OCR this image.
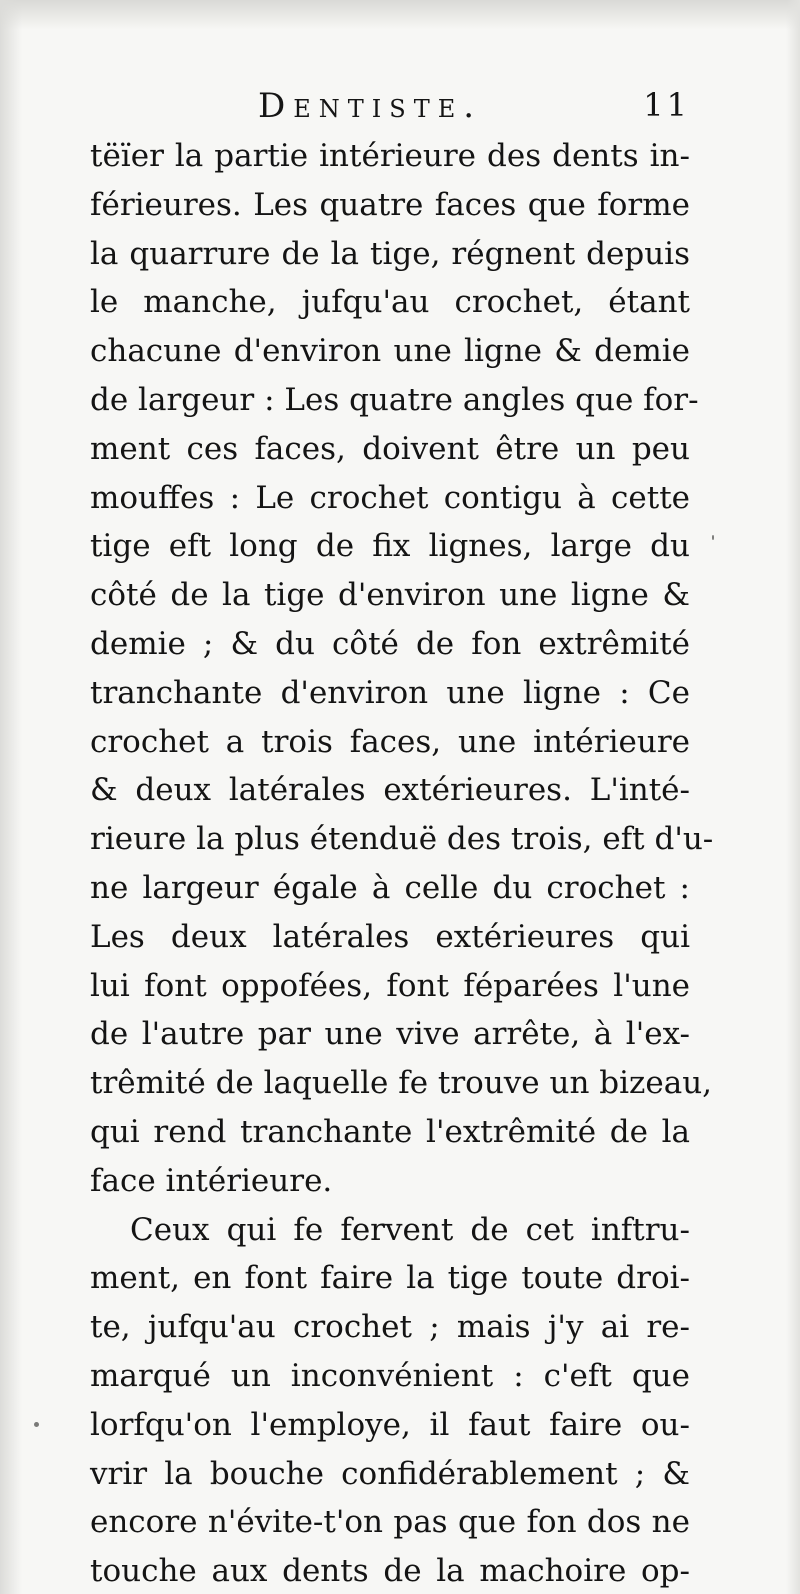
Dentiste.	11
tëïer la partie intérieure des dents in-
férieures. Les quatre faces que forme
la quarrure de la tige, régnent depuis
le manche, jufqu'au crochet, étant
chacune d'environ une ligne & demie
de largeur : Les quatre angles que for-
ment ces faces, doivent être un peu
mouffes : Le crochet contigu à cette
tige eft long de fix lignes, large du
côté de la tige d'environ une ligne &
demie ; & du côté de fon extrêmité
tranchante d'environ une ligne : Ce
crochet a trois faces, une intérieure
& deux latérales extérieures. L'inté-
rieure la plus étenduë des trois, eft d'u-
ne largeur égale à celle du crochet :
Les deux latérales extérieures qui
lui font oppofées, font féparées l'une
de l'autre par une vive arrête, à l'ex-
trêmité de laquelle fe trouve un bizeau,
qui rend tranchante l'extrêmité de la
face intérieure.
Ceux qui fe fervent de cet inftru-
ment, en font faire la tige toute droi-
te, jufqu'au crochet ; mais j'y ai re-
marqué un inconvénient : c'eft que
lorfqu'on l'employe, il faut faire ou-
vrir la bouche confidérablement ; &
encore n'évite-t'on pas que fon dos ne
touche aux dents de la machoire op-
